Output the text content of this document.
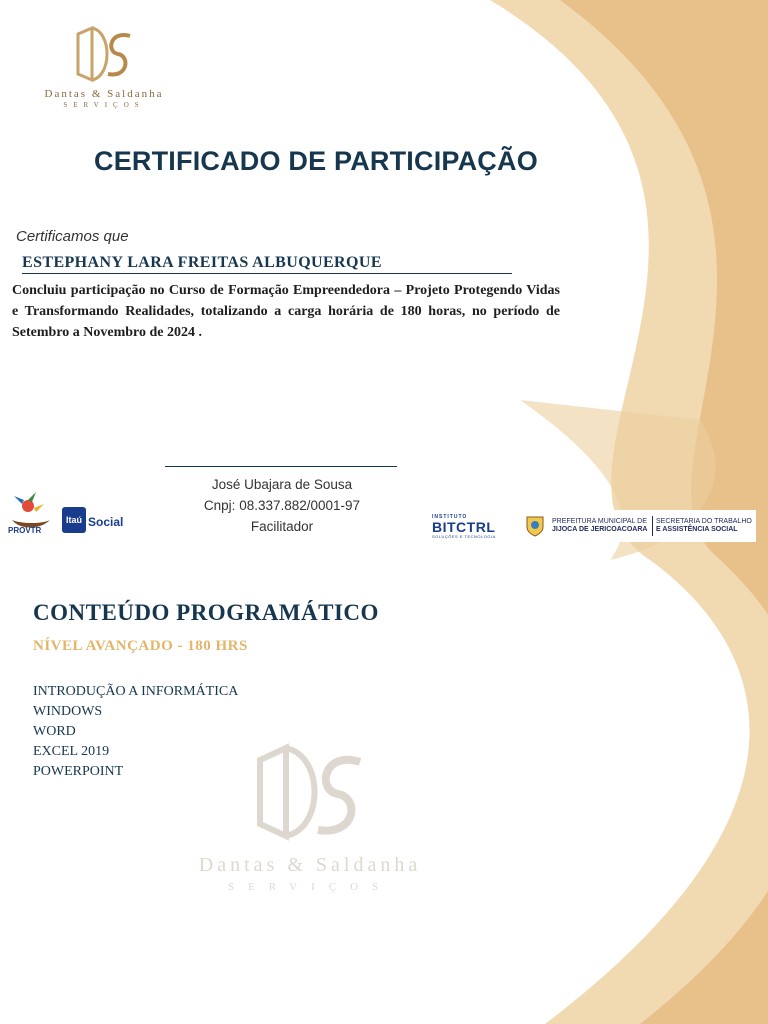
Dantas & Saldanha
SERVIÇOS
CERTIFICADO DE PARTICIPAÇÃO
Certificamos que
ESTEPHANY LARA FREITAS ALBUQUERQUE
Concluiu participação no Curso de Formação Empreendedora – Projeto Protegendo Vidas e Transformando Realidades, totalizando a carga horária de 180 horas, no período de Setembro a Novembro de 2024 .
José Ubajara de Sousa
Cnpj: 08.337.882/0001-97
Facilitador
PROVTR
Itaú Social	INSTITUTO
BITCTRL
SOLUÇÕES E TECNOLOGIA
PREFEITURA MUNICIPAL DE
JIJOCA DE JERICOACOARA
SECRETARIA DO TRABALHO
E ASSISTÊNCIA SOCIAL
CONTEÚDO PROGRAMÁTICO
NÍVEL AVANÇADO - 180 HRS
INTRODUÇÃO A INFORMÁTICA
WINDOWS
WORD
EXCEL 2019
POWERPOINT
Dantas & Saldanha
SERVIÇOS
